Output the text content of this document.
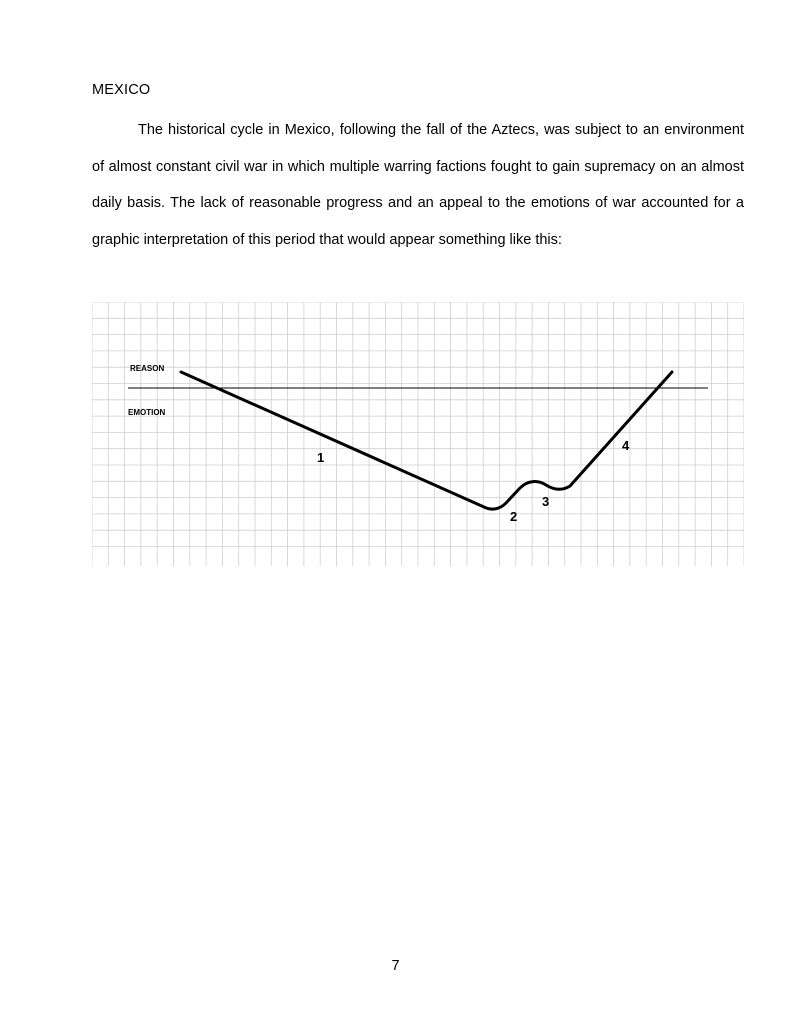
MEXICO

The historical cycle in Mexico, following the fall of the Aztecs, was subject to an environment of almost constant civil war in which multiple warring factions fought to gain supremacy on an almost daily basis. The lack of reasonable progress and an appeal to the emotions of war accounted for a graphic interpretation of this period that would appear something like this:

REASON
EMOTION
1
2
3
4
7
